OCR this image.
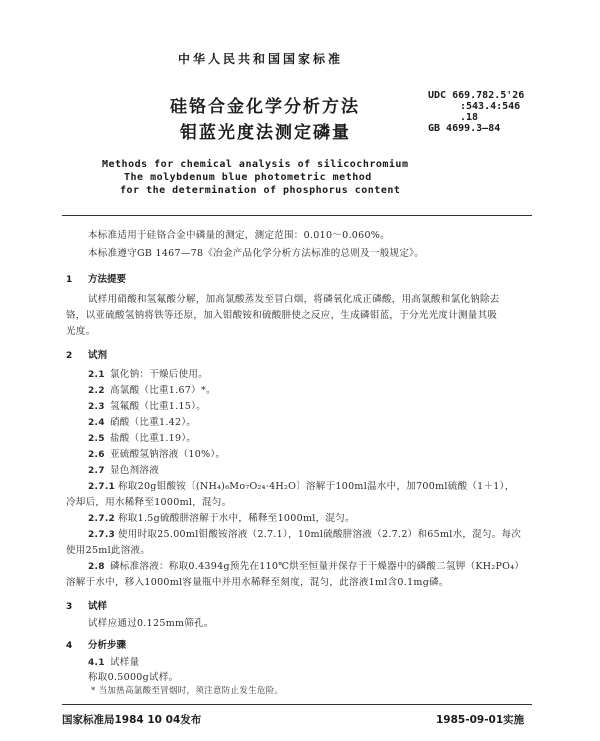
中华人民共和国国家标准
硅铬合金化学分析方法
钼蓝光度法测定磷量
UDC 669.782.5'26
:543.4:546
.18
GB 4699.3—84
Methods for chemical analysis of silicochromium
The molybdenum blue photometric method
for the determination of phosphorus content
本标准适用于硅铬合金中磷量的测定，测定范围：0.010～0.060%。
本标准遵守GB 1467—78《冶金产品化学分析方法标准的总则及一般规定》。
1 方法提要
试样用硝酸和氢氟酸分解，加高氯酸蒸发至冒白烟，将磷氧化成正磷酸，用高氯酸和氯化钠除去
铬，以亚硫酸氢钠将铁等还原，加入钼酸铵和硫酸肼使之反应，生成磷钼蓝，于分光光度计测量其吸
光度。
2 试剂
2.1 氯化钠：干燥后使用。
2.2 高氯酸（比重1.67）*。
2.3 氢氟酸（比重1.15）。
2.4 硝酸（比重1.42）。
2.5 盐酸（比重1.19）。
2.6 亚硫酸氢钠溶液（10%）。
2.7 显色剂溶液
2.7.1 称取20g钼酸铵〔(NH₄)₆Mo₇O₂₄·4H₂O〕溶解于100ml温水中，加700ml硫酸（1＋1），
冷却后，用水稀释至1000ml，混匀。
2.7.2 称取1.5g硫酸肼溶解于水中，稀释至1000ml，混匀。
2.7.3 使用时取25.00ml钼酸铵溶液（2.7.1），10ml硫酸肼溶液（2.7.2）和65ml水，混匀。每次
使用25ml此溶液。
2.8 磷标准溶液：称取0.4394g预先在110℃烘至恒量并保存于干燥器中的磷酸二氢钾（KH₂PO₄）
溶解于水中，移入1000ml容量瓶中并用水稀释至刻度，混匀，此溶液1ml含0.1mg磷。
3 试样
试样应通过0.125mm筛孔。
4 分析步骤
4.1 试样量
称取0.5000g试样。
* 当加热高氯酸至冒烟时，须注意防止发生危险。
国家标准局1984 10 04发布	1985-09-01实施
